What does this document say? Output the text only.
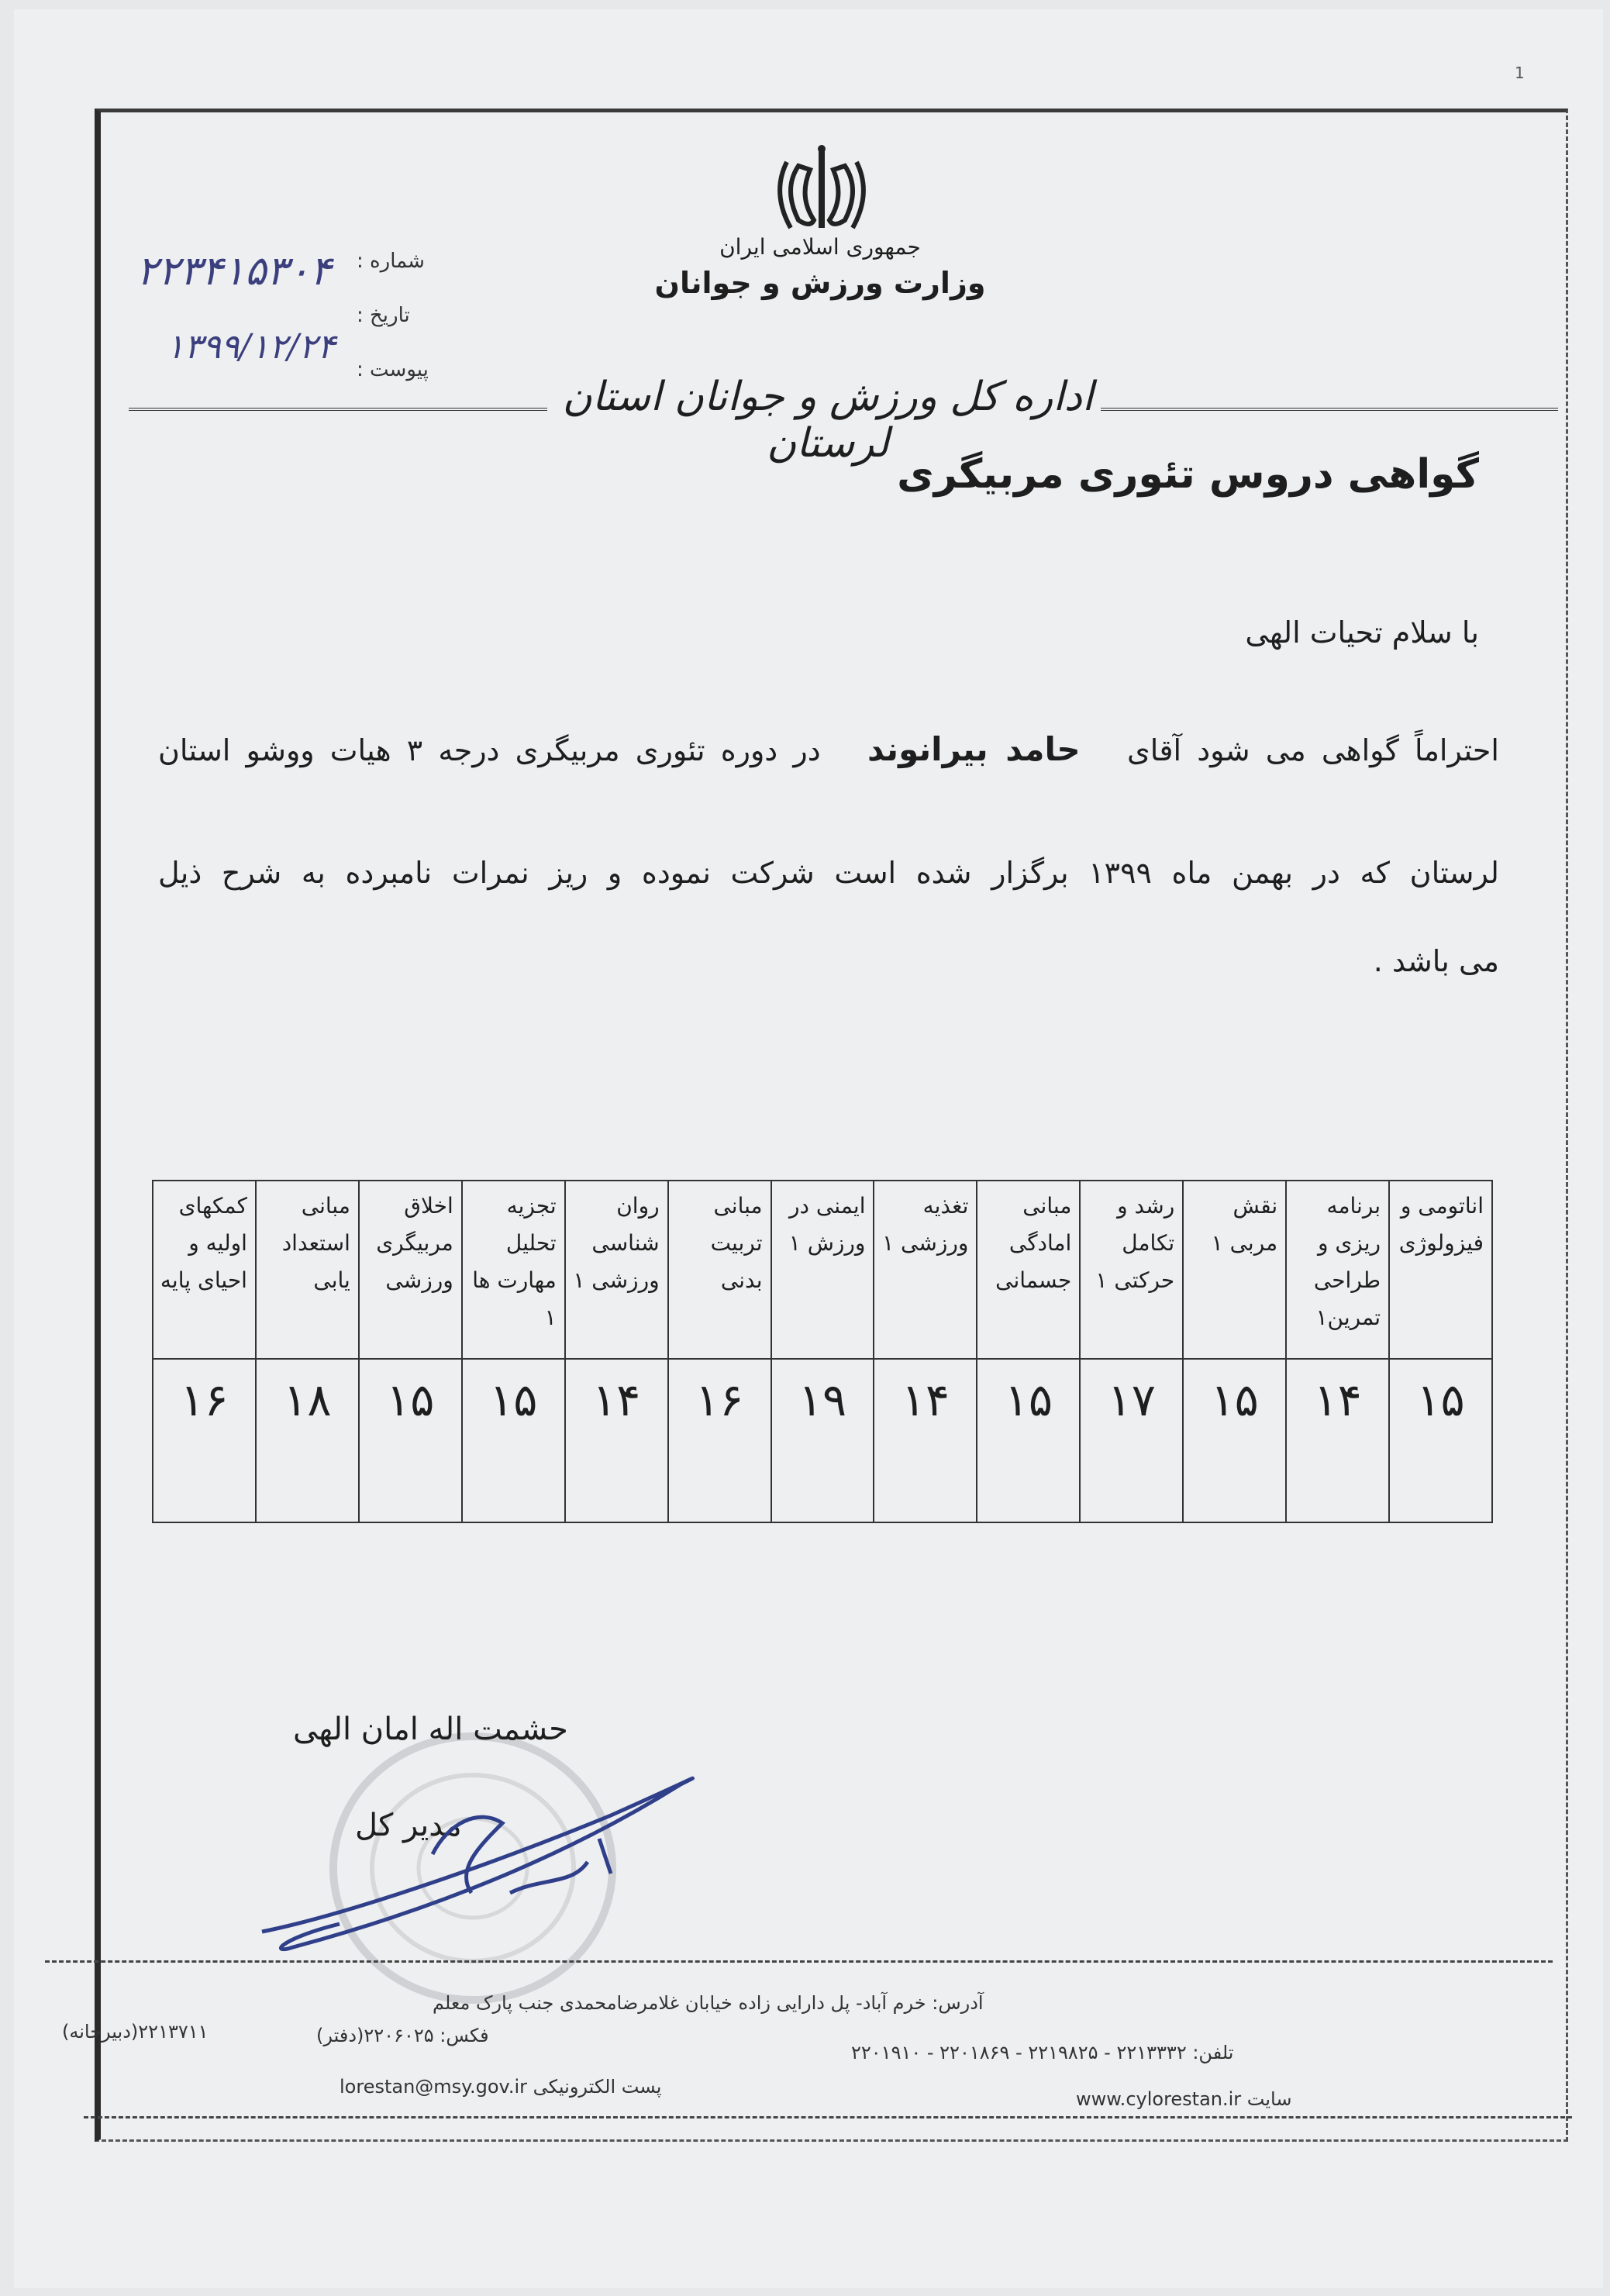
1
جمهوری اسلامی ایران
وزارت ورزش و جوانان
شماره :
تاریخ :
پیوست :
۲۲۳۴۱۵۳۰۴
۱۳۹۹/۱۲/۲۴
اداره کل ورزش و جوانان استان لرستان
گواهی دروس تئوری مربیگری
با سلام تحیات الهی
احتراماً گواهی می شود آقای   حامد بیرانوند   در دوره تئوری مربیگری درجه ۳ هیات ووشو استان
لرستان که در بهمن ماه ۱۳۹۹ برگزار شده است شرکت نموده و ریز نمرات نامبرده به شرح ذیل
می باشد .
اناتومی و فیزولوژی	برنامه ریزی و طراحی تمرین۱	نقش مربی ۱	رشد و تکامل حرکتی ۱	مبانی امادگی جسمانی	تغذیه ورزشی ۱	ایمنی در ورزش ۱	مبانی تربیت بدنی	روان شناسی ورزشی ۱	تجزیه تحلیل مهارت ها ۱	اخلاق مربیگری ورزشی	مبانی استعداد یابی	کمکهای اولیه و احیای پایه
۱۵	۱۴	۱۵	۱۷	۱۵	۱۴	۱۹	۱۶	۱۴	۱۵	۱۵	۱۸	۱۶
حشمت اله امان الهی
مدیر کل
آدرس: خرم آباد- پل دارایی زاده خیابان غلامرضامحمدی جنب پارک معلم
تلفن: ۲۲۱۳۳۳۲ - ۲۲۱۹۸۲۵ - ۲۲۰۱۸۶۹ - ۲۲۰۱۹۱۰
فکس: ۲۲۰۶۰۲۵(دفتر)
۲۲۱۳۷۱۱(دبیرخانه)
سایت www.cylorestan.ir
پست الکترونیکی lorestan@msy.gov.ir
